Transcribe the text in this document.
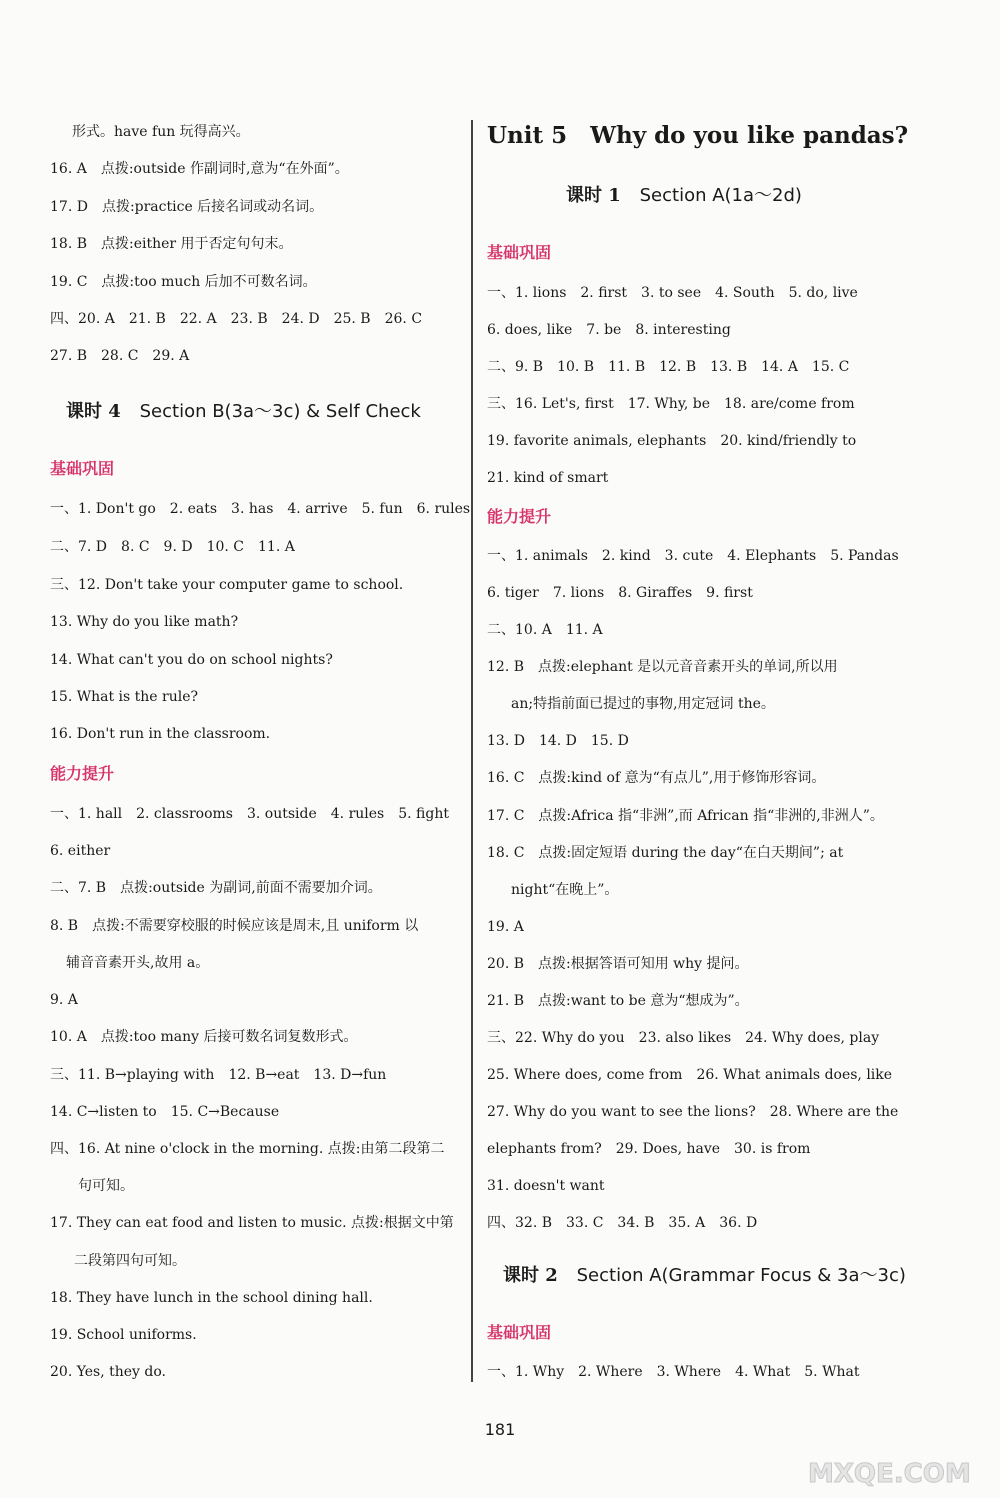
形式。have fun 玩得高兴。
16. A　点拨:outside 作副词时,意为“在外面”。
17. D　点拨:practice 后接名词或动名词。
18. B　点拨:either 用于否定句句末。
19. C　点拨:too much 后加不可数名词。
四、20. A　21. B　22. A　23. B　24. D　25. B　26. C
27. B　28. C　29. A
课时 4 Section B(3a～3c) & Self Check
基础巩固
一、1. Don't go　2. eats　3. has　4. arrive　5. fun　6. rules
二、7. D　8. C　9. D　10. C　11. A
三、12. Don't take your computer game to school.
13. Why do you like math?
14. What can't you do on school nights?
15. What is the rule?
16. Don't run in the classroom.
能力提升
一、1. hall　2. classrooms　3. outside　4. rules　5. fight
6. either
二、7. B　点拨:outside 为副词,前面不需要加介词。
8. B　点拨:不需要穿校服的时候应该是周末,且 uniform 以
辅音音素开头,故用 a。
9. A
10. A　点拨:too many 后接可数名词复数形式。
三、11. B→playing with　12. B→eat　13. D→fun
14. C→listen to　15. C→Because
四、16. At nine o'clock in the morning. 点拨:由第二段第二
句可知。
17. They can eat food and listen to music. 点拨:根据文中第
二段第四句可知。
18. They have lunch in the school dining hall.
19. School uniforms.
20. Yes, they do.
Unit 5　Why do you like pandas?
课时 1 Section A(1a～2d)
基础巩固
一、1. lions　2. first　3. to see　4. South　5. do, live
6. does, like　7. be　8. interesting
二、9. B　10. B　11. B　12. B　13. B　14. A　15. C
三、16. Let's, first　17. Why, be　18. are/come from
19. favorite animals, elephants　20. kind/friendly to
21. kind of smart
能力提升
一、1. animals　2. kind　3. cute　4. Elephants　5. Pandas
6. tiger　7. lions　8. Giraffes　9. first
二、10. A　11. A
12. B　点拨:elephant 是以元音音素开头的单词,所以用
an;特指前面已提过的事物,用定冠词 the。
13. D　14. D　15. D
16. C　点拨:kind of 意为“有点儿”,用于修饰形容词。
17. C　点拨:Africa 指“非洲”,而 African 指“非洲的,非洲人”。
18. C　点拨:固定短语 during the day“在白天期间”; at
night“在晚上”。
19. A
20. B　点拨:根据答语可知用 why 提问。
21. B　点拨:want to be 意为“想成为”。
三、22. Why do you　23. also likes　24. Why does, play
25. Where does, come from　26. What animals does, like
27. Why do you want to see the lions?　28. Where are the
elephants from?　29. Does, have　30. is from
31. doesn't want
四、32. B　33. C　34. B　35. A　36. D
课时 2 Section A(Grammar Focus & 3a～3c)
基础巩固
一、1. Why　2. Where　3. Where　4. What　5. What
181
MXQE.COM
